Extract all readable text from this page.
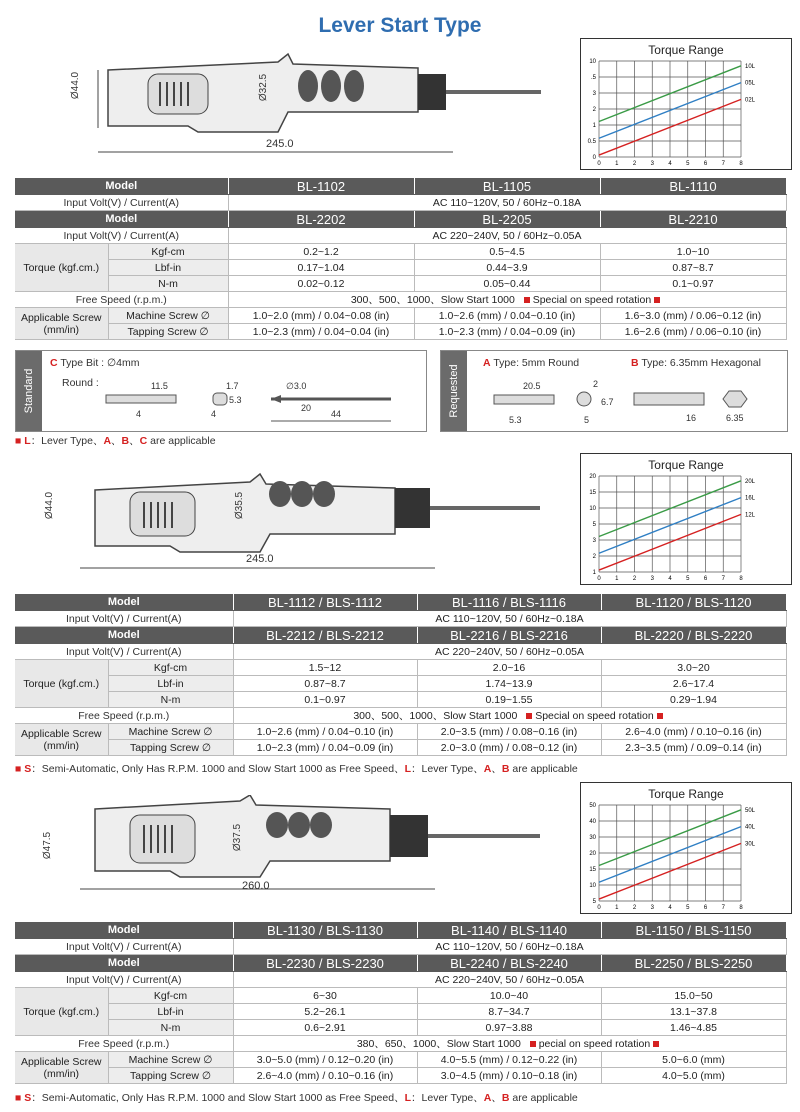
Lever Start Type
Ø44.0	Ø32.5
245.0
Torque Range
0 1 2 3 4 5 6 7 8
10
.5
3
2
1
0.5
0
10L
05L
02L
Model		BL-1102	BL-1105	BL-1110
Input Volt(V) / Current(A)		AC 110~120V, 50 / 60Hz~0.18A		
Model		BL-2202	BL-2205	BL-2210
Input Volt(V) / Current(A)		AC 220~240V, 50 / 60Hz~0.05A		
Torque (kgf.cm.)	Kgf-cm	0.2~1.2	0.5~4.5	1.0~10
	Lbf-in	0.17~1.04	0.44~3.9	0.87~8.7
	N-m	0.02~0.12	0.05~0.44	0.1~0.97
Free Speed (r.p.m.)		300、500、1000、Slow Start 1000 Special on speed rotation		
Applicable Screw (mm/in)	Machine Screw ∅	1.0~2.0 (mm) / 0.04~0.08 (in)	1.0~2.6 (mm) / 0.04~0.10 (in)	1.6~3.0 (mm) / 0.06~0.12 (in)
	Tapping Screw ∅	1.0~2.3 (mm) / 0.04~0.04 (in)	1.0~2.3 (mm) / 0.04~0.09 (in)	1.6~2.6 (mm) / 0.06~0.10 (in)
Standard
C Type Bit : ∅4mm
Round :	11.5	1.7
4
5.3
4
∅3.0
20
44	Requested
A Type: 5mm Round	B Type: 6.35mm Hexagonal
20.5	2
6.7
5.3	5	16	6.35
■ L：Lever Type、A、B、C are applicable
Ø44.0	Ø35.5
245.0
Torque Range
0 1 2 3 4 5 6 7 8
20
15
10
5
3
2
1
20L
16L
12L
Model		BL-1112 / BLS-1112	BL-1116 / BLS-1116	BL-1120 / BLS-1120
Input Volt(V) / Current(A)		AC 110~120V, 50 / 60Hz~0.18A		
Model		BL-2212 / BLS-2212	BL-2216 / BLS-2216	BL-2220 / BLS-2220
Input Volt(V) / Current(A)		AC 220~240V, 50 / 60Hz~0.05A		
Torque (kgf.cm.)	Kgf-cm	1.5~12	2.0~16	3.0~20
	Lbf-in	0.87~8.7	1.74~13.9	2.6~17.4
	N-m	0.1~0.97	0.19~1.55	0.29~1.94
Free Speed (r.p.m.)		300、500、1000、Slow Start 1000 Special on speed rotation		
Applicable Screw (mm/in)	Machine Screw ∅	1.0~2.6 (mm) / 0.04~0.10 (in)	2.0~3.5 (mm) / 0.08~0.16 (in)	2.6~4.0 (mm) / 0.10~0.16 (in)
	Tapping Screw ∅	1.0~2.3 (mm) / 0.04~0.09 (in)	2.0~3.0 (mm) / 0.08~0.12 (in)	2.3~3.5 (mm) / 0.09~0.14 (in)
■ S：Semi-Automatic, Only Has R.P.M. 1000 and Slow Start 1000 as Free Speed、L：Lever Type、A、B are applicable
Ø47.5	Ø37.5
260.0
Torque Range
0 1 2 3 4 5 6 7 8
50
40
30
20
15
10
5
50L
40L
30L
Model		BL-1130 / BLS-1130	BL-1140 / BLS-1140	BL-1150 / BLS-1150
Input Volt(V) / Current(A)		AC 110~120V, 50 / 60Hz~0.18A		
Model		BL-2230 / BLS-2230	BL-2240 / BLS-2240	BL-2250 / BLS-2250
Input Volt(V) / Current(A)		AC 220~240V, 50 / 60Hz~0.05A		
Torque (kgf.cm.)	Kgf-cm	6~30	10.0~40	15.0~50
	Lbf-in	5.2~26.1	8.7~34.7	13.1~37.8
	N-m	0.6~2.91	0.97~3.88	1.46~4.85
Free Speed (r.p.m.)		380、650、1000、Slow Start 1000 pecial on speed rotation		
Applicable Screw (mm/in)	Machine Screw ∅	3.0~5.0 (mm) / 0.12~0.20 (in)	4.0~5.5 (mm) / 0.12~0.22 (in)	5.0~6.0 (mm)
	Tapping Screw ∅	2.6~4.0 (mm) / 0.10~0.16 (in)	3.0~4.5 (mm) / 0.10~0.18 (in)	4.0~5.0 (mm)
■ S：Semi-Automatic, Only Has R.P.M. 1000 and Slow Start 1000 as Free Speed、L：Lever Type、A、B are applicable
